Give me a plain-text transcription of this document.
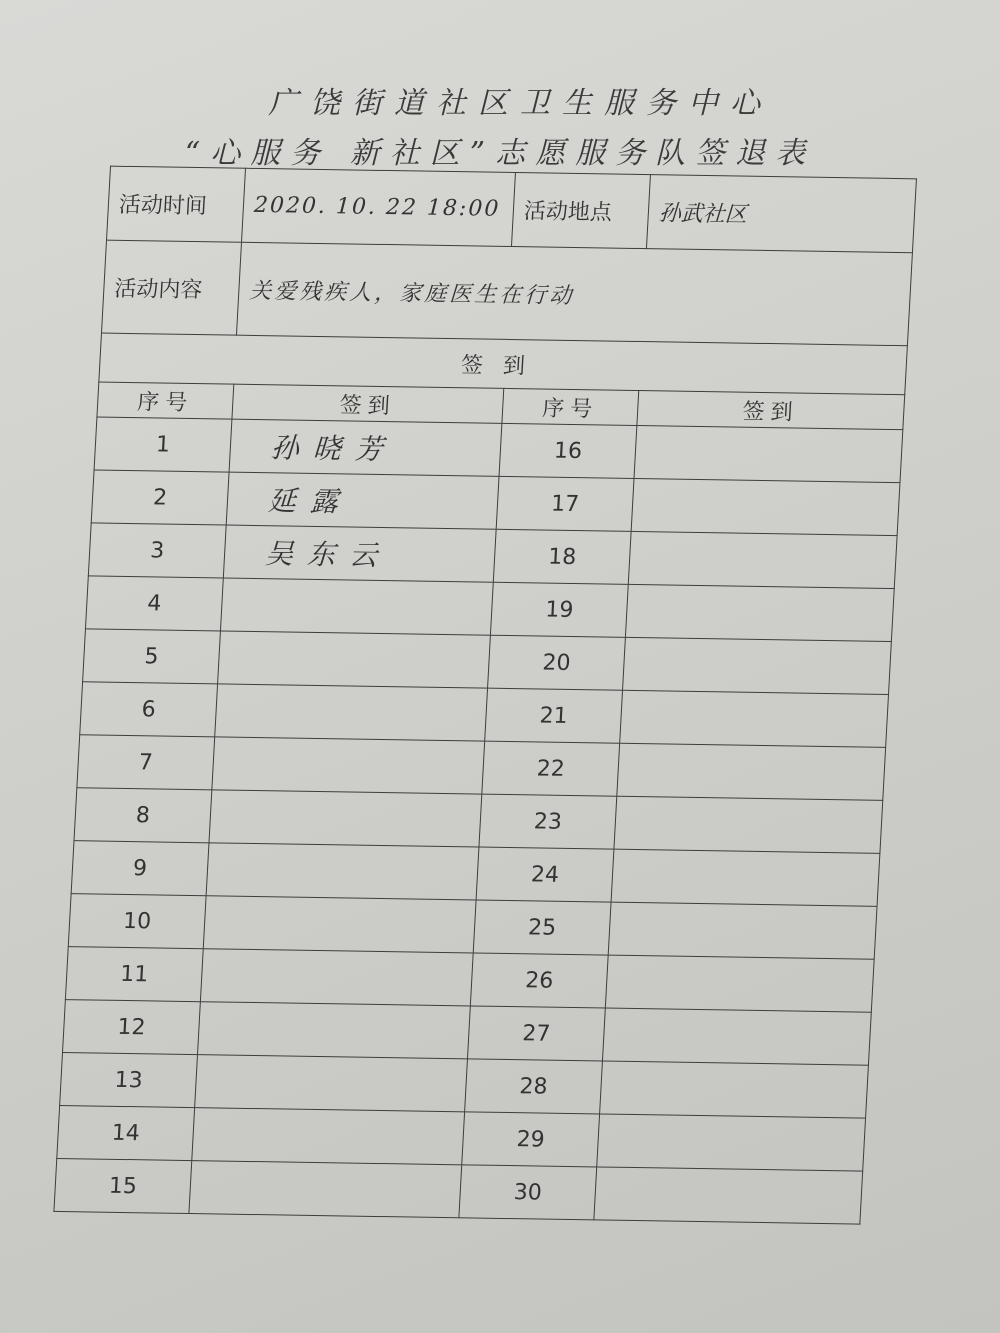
广饶街道社区卫生服务中心
“心服务 新社区”志愿服务队签退表
活动时间	2020. 10. 22 18:00	活动地点	孙武社区
活动内容	关爱残疾人，家庭医生在行动		
签到			
序号	签到	序号	签到
1	孙晓芳	16	
2	延露	17	
3	吴东云	18	
4		19	
5		20	
6		21	
7		22	
8		23	
9		24	
10		25	
11		26	
12		27	
13		28	
14		29	
15		30	
